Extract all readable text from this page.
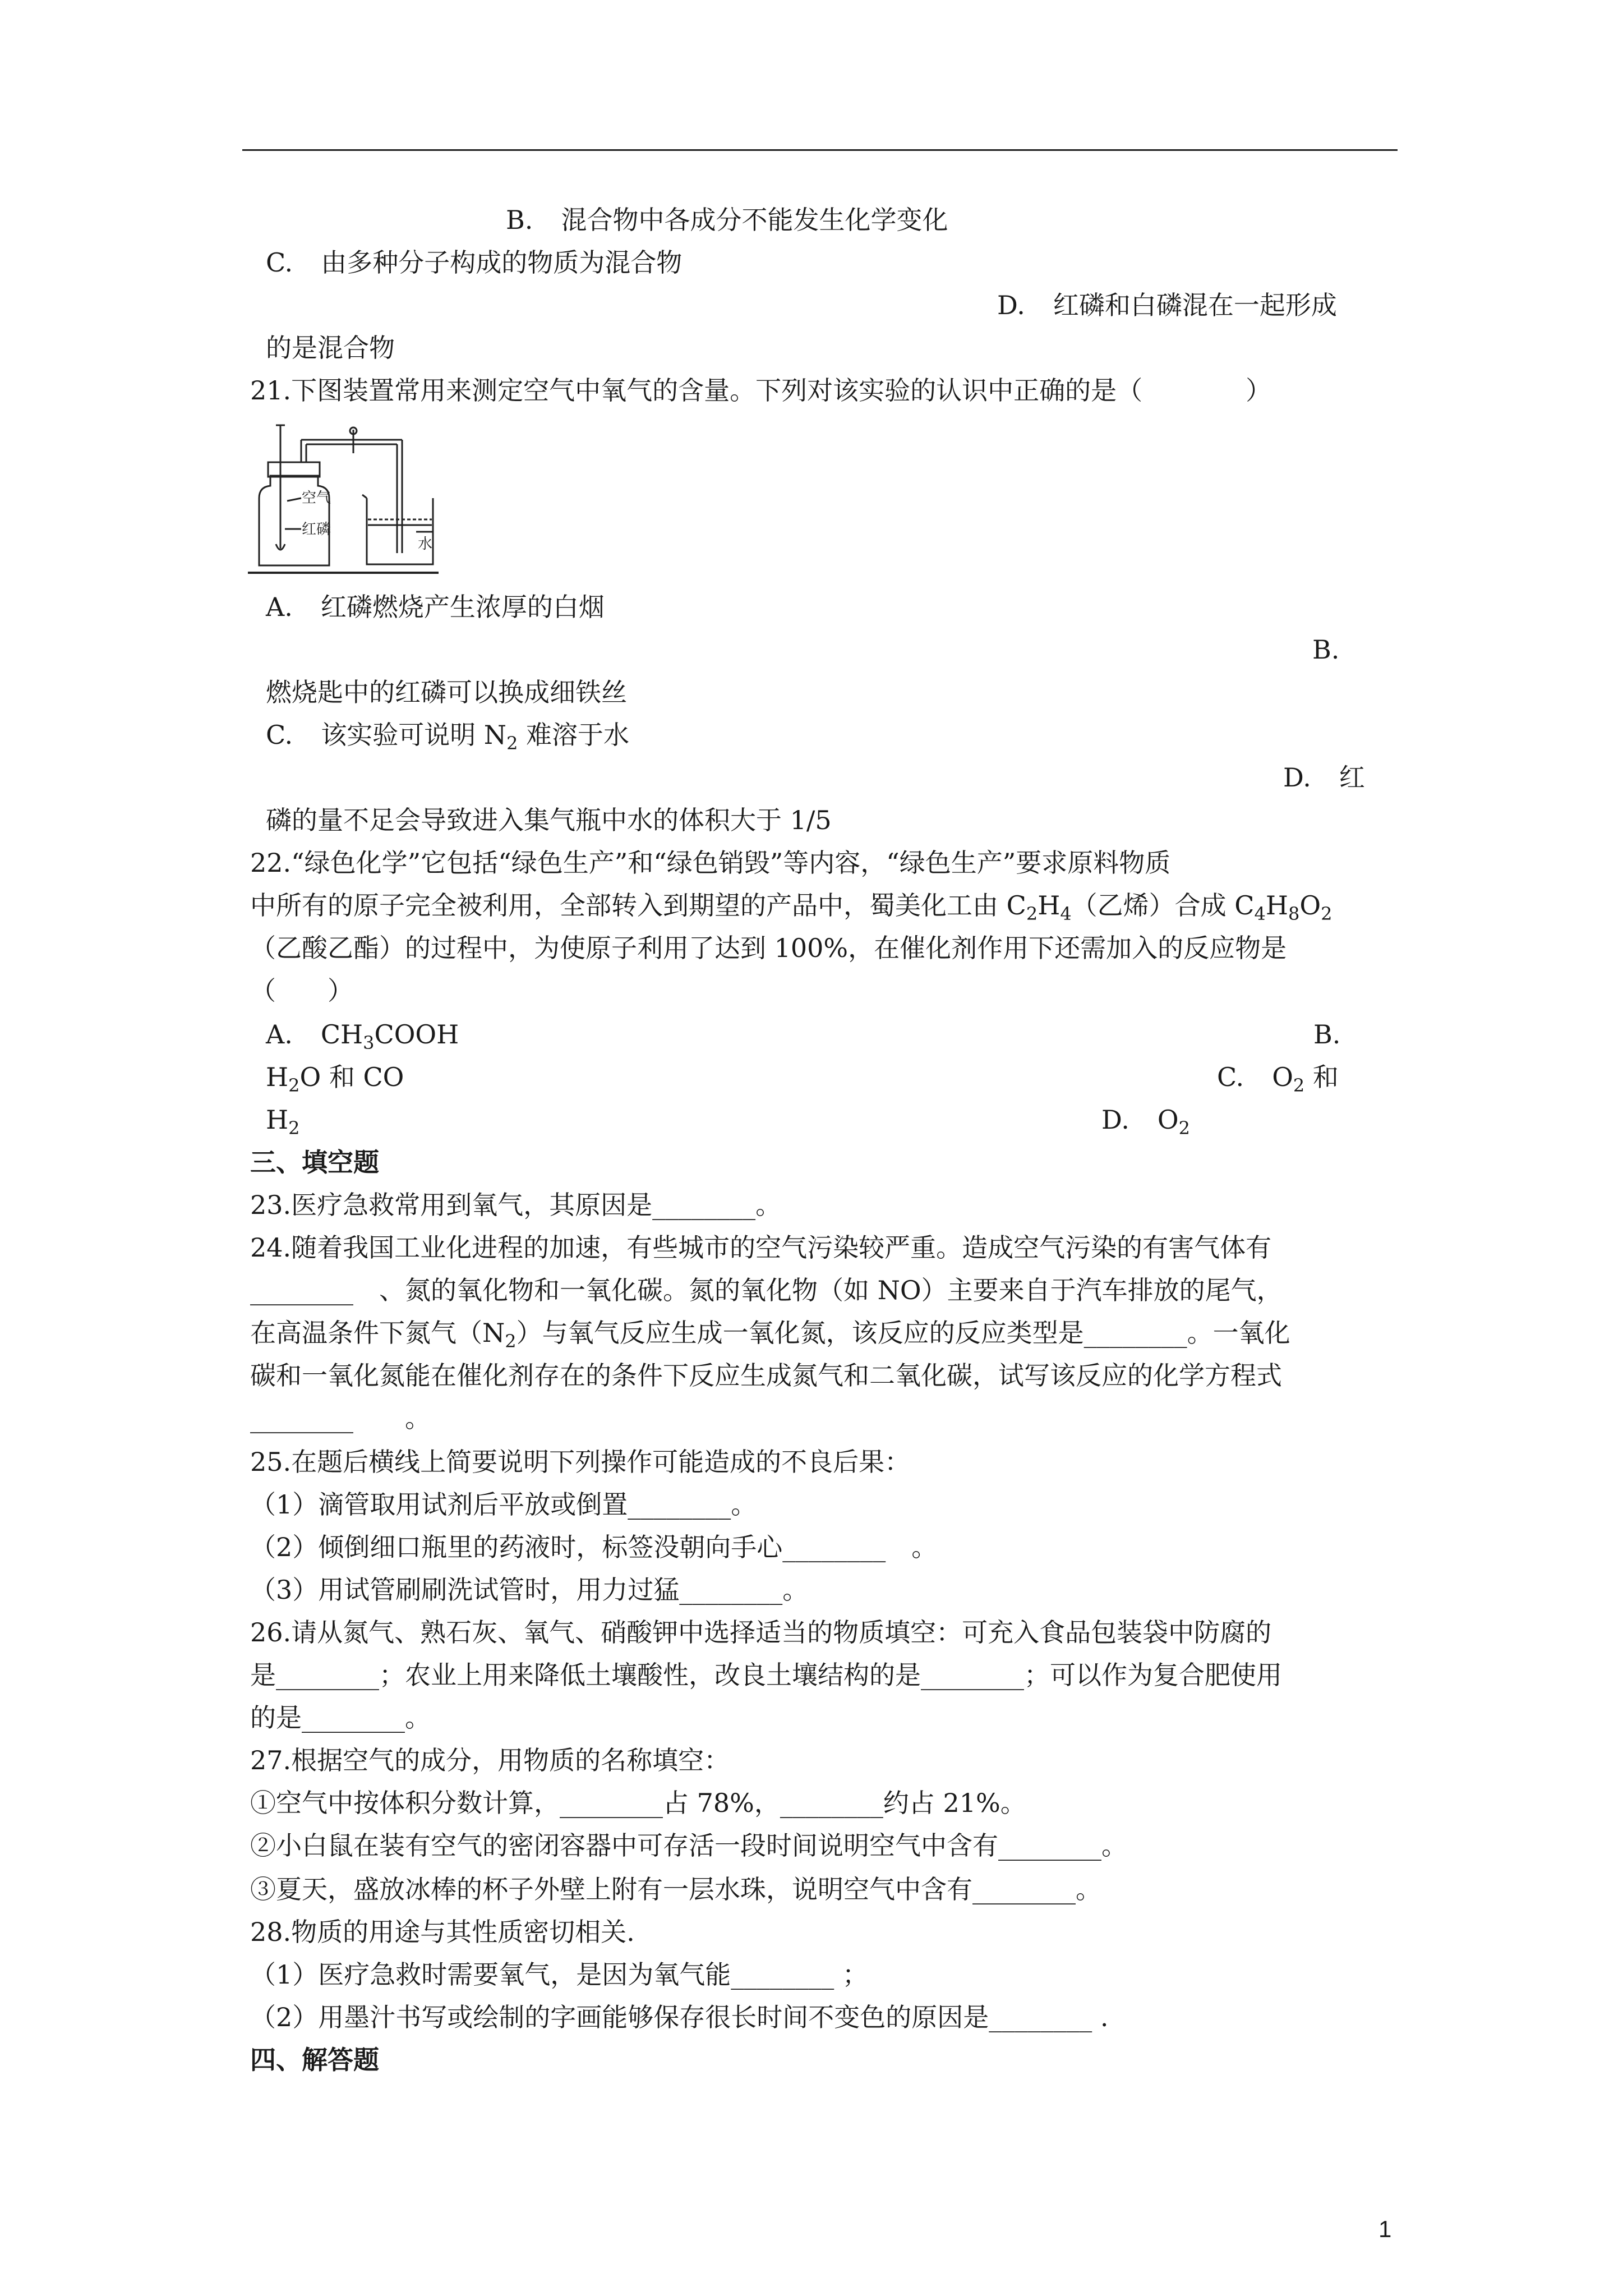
B. 混合物中各成分不能发生化学变化
C. 由多种分子构成的物质为混合物
D. 红磷和白磷混在一起形成
的是混合物
21.下图装置常用来测定空气中氧气的含量。下列对该实验的认识中正确的是（　　　　）
空气
红磷
水
A. 红磷燃烧产生浓厚的白烟
B.
燃烧匙中的红磷可以换成细铁丝
C. 该实验可说明 $N_2$ 难溶于水
D. 红
磷的量不足会导致进入集气瓶中水的体积大于 1/5
22.“绿色化学”它包括“绿色生产”和“绿色销毁”等内容，“绿色生产”要求原料物质
中所有的原子完全被利用，全部转入到期望的产品中，蜀美化工由 $C_2H_4$（乙烯）合成 $C_4H_8O_2$
（乙酸乙酯）的过程中，为使原子利用了达到 100%，在催化剂作用下还需加入的反应物是
（　　）
A. $CH_3COOH$	B.
$H_2O$ 和 CO	C. $O_2$ 和
$H_2$	D. $O_2$
三、填空题
23.医疗急救常用到氧气，其原因是________。
24.随着我国工业化进程的加速，有些城市的空气污染较严重。造成空气污染的有害气体有
________　、氮的氧化物和一氧化碳。氮的氧化物（如 NO）主要来自于汽车排放的尾气，
在高温条件下氮气$(N_2)$与氧气反应生成一氧化氮，该反应的反应类型是________。一氧化
碳和一氧化氮能在催化剂存在的条件下反应生成氮气和二氧化碳，试写该反应的化学方程式
________　　。
25.在题后横线上简要说明下列操作可能造成的不良后果：
（1）滴管取用试剂后平放或倒置________。
（2）倾倒细口瓶里的药液时，标签没朝向手心________　。
（3）用试管刷刷洗试管时，用力过猛________。
26.请从氮气、熟石灰、氧气、硝酸钾中选择适当的物质填空：可充入食品包装袋中防腐的
是________；农业上用来降低土壤酸性，改良土壤结构的是________；可以作为复合肥使用
的是________。
27.根据空气的成分，用物质的名称填空：
①空气中按体积分数计算，________占 78%，________约占 21%。
②小白鼠在装有空气的密闭容器中可存活一段时间说明空气中含有________。
③夏天，盛放冰棒的杯子外壁上附有一层水珠，说明空气中含有________。
28.物质的用途与其性质密切相关.
（1）医疗急救时需要氧气，是因为氧气能________ ；
（2）用墨汁书写或绘制的字画能够保存很长时间不变色的原因是________ .
四、解答题
1
